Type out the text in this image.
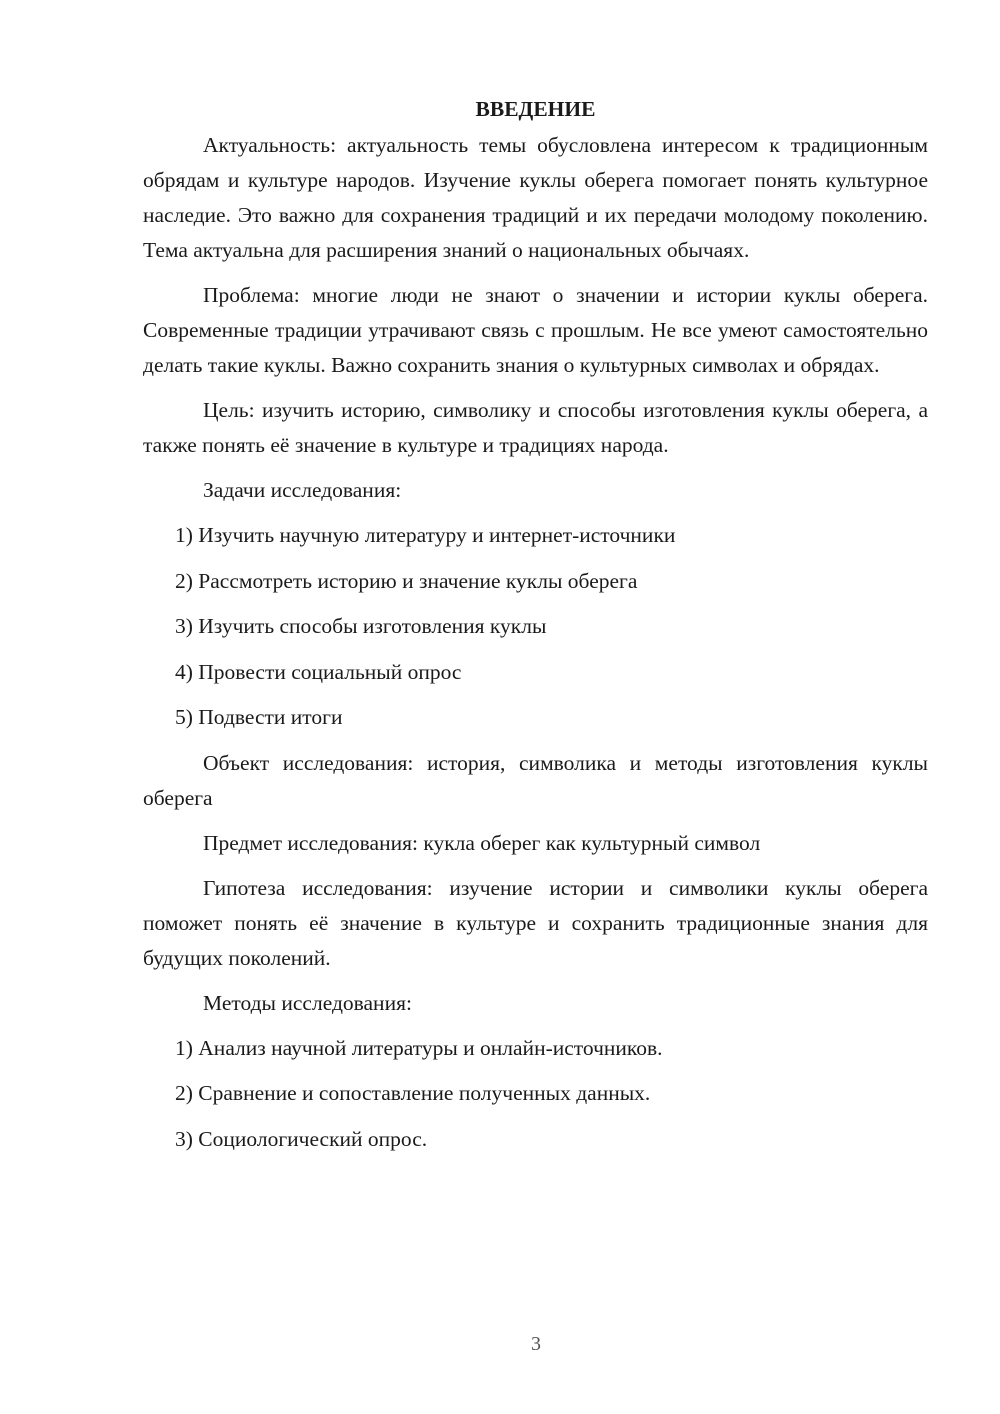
ВВЕДЕНИЕ

Актуальность: актуальность темы обусловлена интересом к традиционным обрядам и культуре народов. Изучение куклы оберега помогает понять культурное наследие. Это важно для сохранения традиций и их передачи молодому поколению. Тема актуальна для расширения знаний о национальных обычаях.

Проблема: многие люди не знают о значении и истории куклы оберега. Современные традиции утрачивают связь с прошлым. Не все умеют самостоятельно делать такие куклы. Важно сохранить знания о культурных символах и обрядах.

Цель: изучить историю, символику и способы изготовления куклы оберега, а также понять её значение в культуре и традициях народа.

Задачи исследования:

1) Изучить научную литературу и интернет-источники
2) Рассмотреть историю и значение куклы оберега
3) Изучить способы изготовления куклы
4) Провести социальный опрос
5) Подвести итоги

Объект исследования: история, символика и методы изготовления куклы оберега

Предмет исследования: кукла оберег как культурный символ

Гипотеза исследования: изучение истории и символики куклы оберега поможет понять её значение в культуре и сохранить традиционные знания для будущих поколений.

Методы исследования:

1) Анализ научной литературы и онлайн-источников.
2) Сравнение и сопоставление полученных данных.
3) Социологический опрос.
3
